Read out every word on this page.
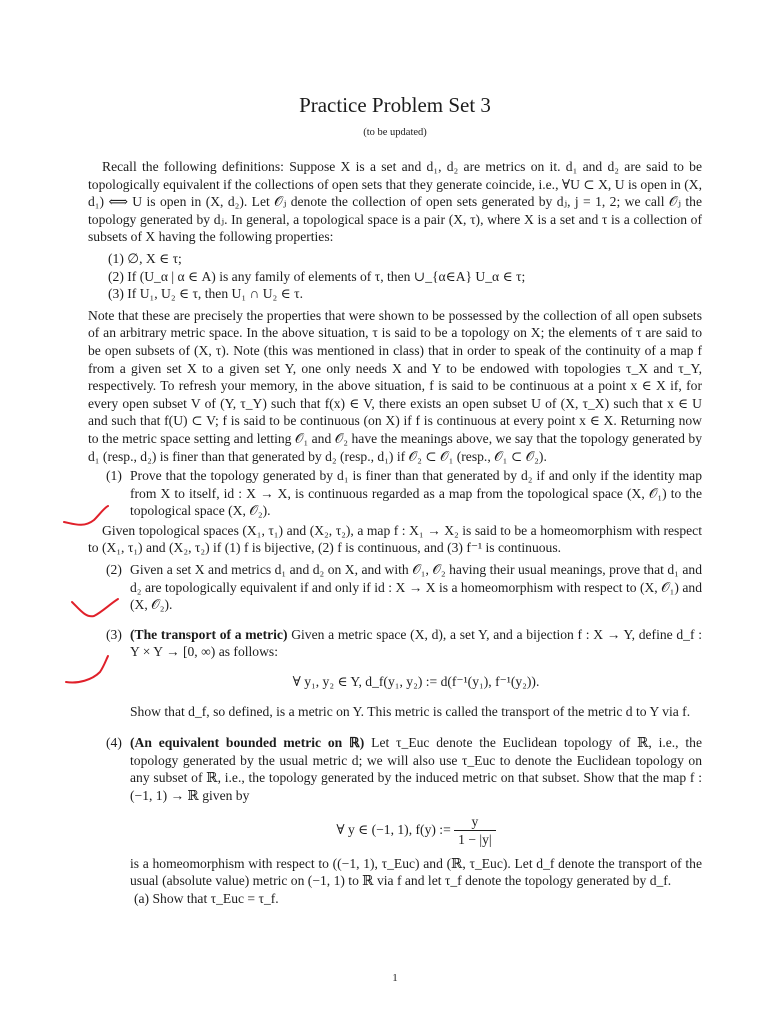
Practice Problem Set 3
(to be updated)

Recall the following definitions: Suppose X is a set and d₁, d₂ are metrics on it. d₁ and d₂ are said to be topologically equivalent if the collections of open sets that they generate coincide, i.e., ∀U ⊂ X, U is open in (X, d₁) ⟺ U is open in (X, d₂). Let 𝒪ⱼ denote the collection of open sets generated by dⱼ, j = 1, 2; we call 𝒪ⱼ the topology generated by dⱼ. In general, a topological space is a pair (X, τ), where X is a set and τ is a collection of subsets of X having the following properties:

(1) ∅, X ∈ τ;
(2) If (U_α | α ∈ A) is any family of elements of τ, then ∪_{α∈A} U_α ∈ τ;
(3) If U₁, U₂ ∈ τ, then U₁ ∩ U₂ ∈ τ.

Note that these are precisely the properties that were shown to be possessed by the collection of all open subsets of an arbitrary metric space. In the above situation, τ is said to be a topology on X; the elements of τ are said to be open subsets of (X, τ). Note (this was mentioned in class) that in order to speak of the continuity of a map f from a given set X to a given set Y, one only needs X and Y to be endowed with topologies τ_X and τ_Y, respectively. To refresh your memory, in the above situation, f is said to be continuous at a point x ∈ X if, for every open subset V of (Y, τ_Y) such that f(x) ∈ V, there exists an open subset U of (X, τ_X) such that x ∈ U and such that f(U) ⊂ V; f is said to be continuous (on X) if f is continuous at every point x ∈ X. Returning now to the metric space setting and letting 𝒪₁ and 𝒪₂ have the meanings above, we say that the topology generated by d₁ (resp., d₂) is finer than that generated by d₂ (resp., d₁) if 𝒪₂ ⊂ 𝒪₁ (resp., 𝒪₁ ⊂ 𝒪₂).

(1) Prove that the topology generated by d₁ is finer than that generated by d₂ if and only if the identity map from X to itself, id : X → X, is continuous regarded as a map from the topological space (X, 𝒪₁) to the topological space (X, 𝒪₂).

Given topological spaces (X₁, τ₁) and (X₂, τ₂), a map f : X₁ → X₂ is said to be a homeomorphism with respect to (X₁, τ₁) and (X₂, τ₂) if (1) f is bijective, (2) f is continuous, and (3) f⁻¹ is continuous.

(2) Given a set X and metrics d₁ and d₂ on X, and with 𝒪₁, 𝒪₂ having their usual meanings, prove that d₁ and d₂ are topologically equivalent if and only if id : X → X is a homeomorphism with respect to (X, 𝒪₁) and (X, 𝒪₂).

(3) (The transport of a metric) Given a metric space (X, d), a set Y, and a bijection f : X → Y, define d_f : Y × Y → [0, ∞) as follows:

∀ y₁, y₂ ∈ Y, d_f(y₁, y₂) := d(f⁻¹(y₁), f⁻¹(y₂)).

Show that d_f, so defined, is a metric on Y. This metric is called the transport of the metric d to Y via f.

(4) (An equivalent bounded metric on ℝ) Let τ_Euc denote the Euclidean topology of ℝ, i.e., the topology generated by the usual metric d; we will also use τ_Euc to denote the Euclidean topology on any subset of ℝ, i.e., the topology generated by the induced metric on that subset. Show that the map f : (−1, 1) → ℝ given by

∀ y ∈ (−1, 1), f(y) := $\frac{y}{1 - |y|}$

is a homeomorphism with respect to ((−1, 1), τ_Euc) and (ℝ, τ_Euc). Let d_f denote the transport of the usual (absolute value) metric on (−1, 1) to ℝ via f and let τ_f denote the topology generated by d_f.

(a) Show that τ_Euc = τ_f.
1
